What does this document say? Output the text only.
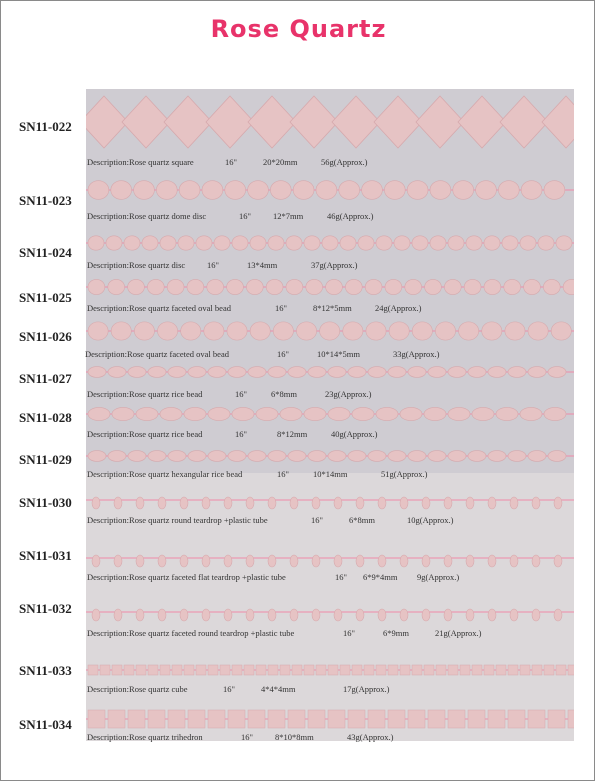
Rose Quartz
SN11-022
Description:Rose quartz square	16"	20*20mm	56g(Approx.)
SN11-023
Description:Rose quartz dome disc	16"	12*7mm	46g(Approx.)
SN11-024
Description:Rose quartz disc	16"	13*4mm	37g(Approx.)
SN11-025
Description:Rose quartz faceted oval bead	16"	8*12*5mm	24g(Approx.)
SN11-026
Description:Rose quartz faceted oval bead	16"	10*14*5mm	33g(Approx.)
SN11-027
Description:Rose quartz rice bead	16"	6*8mm	23g(Approx.)
SN11-028
Description:Rose quartz rice bead	16"	8*12mm	40g(Approx.)
SN11-029
Description:Rose quartz hexangular rice bead	16"	10*14mm	51g(Approx.)
SN11-030
Description:Rose quartz round teardrop +plastic tube	16"	6*8mm	10g(Approx.)
SN11-031
Description:Rose quartz faceted flat teardrop +plastic tube	16" 6*9*4mm 9g(Approx.)
SN11-032
Description:Rose quartz faceted round teardrop +plastic tube	16"	6*9mm	21g(Approx.)
SN11-033
Description:Rose quartz cube	16"	4*4*4mm	17g(Approx.)
SN11-034
Description:Rose quartz trihedron	16"	8*10*8mm	43g(Approx.)
